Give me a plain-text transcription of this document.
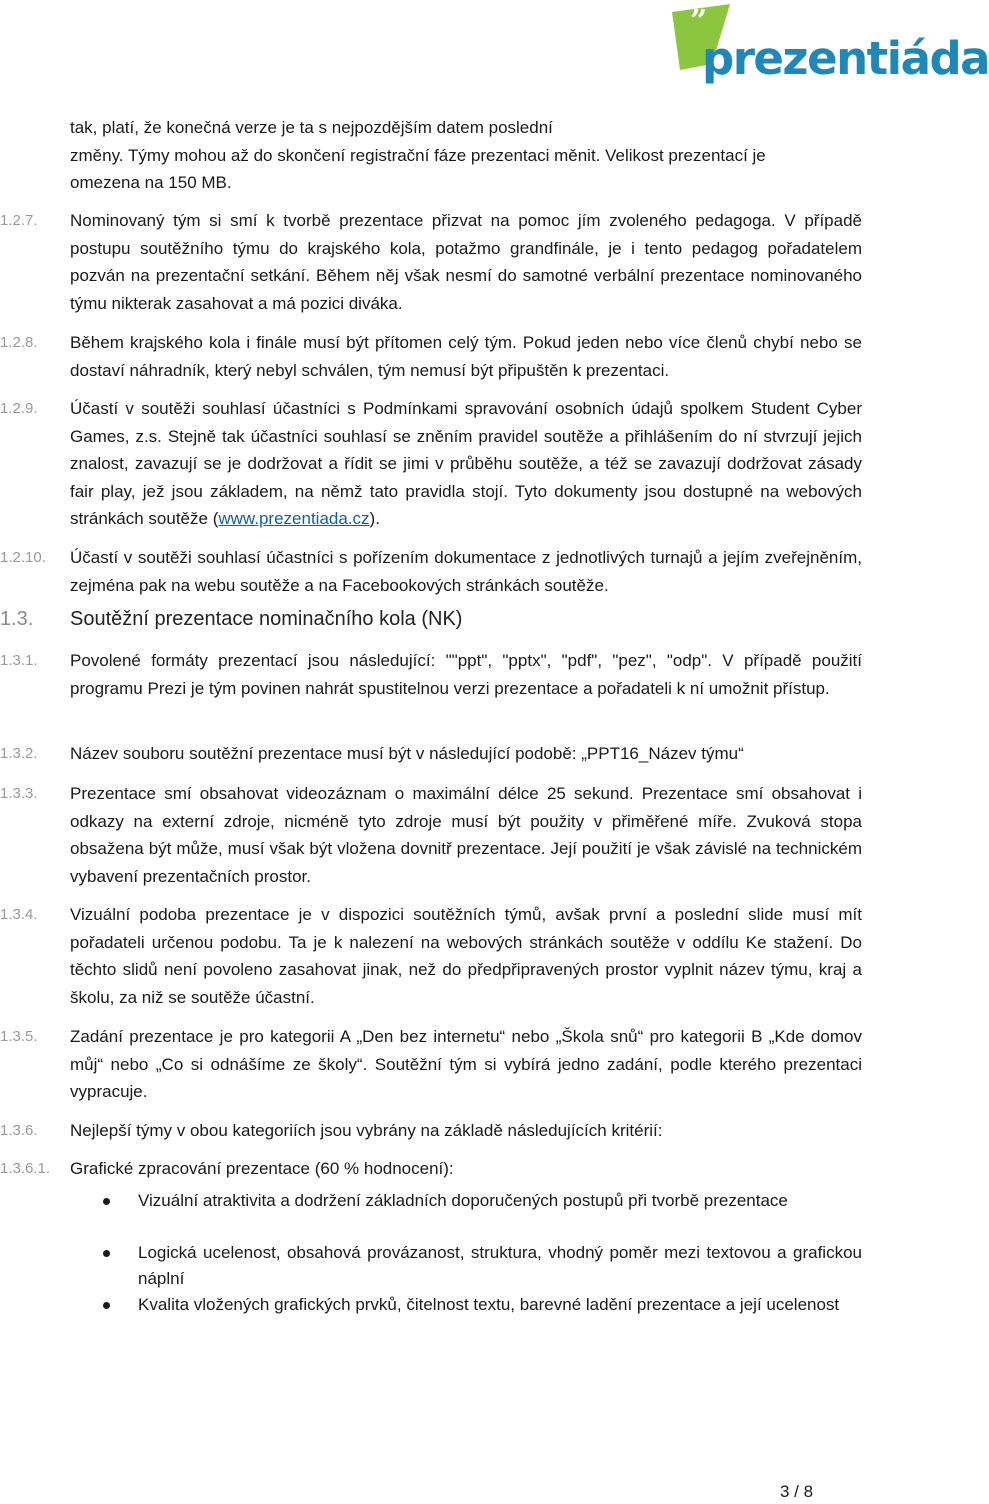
”
prezentiáda

tak, platí, že konečná verze je ta s nejpozdějším datem poslední

změny. Týmy mohou až do skončení registrační fáze prezentaci měnit. Velikost prezentací je

omezena na 150 MB.

1.2.7. Nominovaný tým si smí k tvorbě prezentace přizvat na pomoc jím zvoleného pedagoga. V případě postupu soutěžního týmu do krajského kola, potažmo grandfinále, je i tento pedagog pořadatelem pozván na prezentační setkání. Během něj však nesmí do samotné verbální prezentace nominovaného týmu nikterak zasahovat a má pozici diváka.
1.2.8. Během krajského kola i finále musí být přítomen celý tým. Pokud jeden nebo více členů chybí nebo se dostaví náhradník, který nebyl schválen, tým nemusí být připuštěn k prezentaci.
1.2.9. Účastí v soutěži souhlasí účastníci s Podmínkami spravování osobních údajů spolkem Student Cyber Games, z.s. Stejně tak účastníci souhlasí se zněním pravidel soutěže a přihlášením do ní stvrzují jejich znalost, zavazují se je dodržovat a řídit se jimi v průběhu soutěže, a též se zavazují dodržovat zásady fair play, jež jsou základem, na němž tato pravidla stojí. Tyto dokumenty jsou dostupné na webových stránkách soutěže (www.prezentiada.cz).
1.2.10. Účastí v soutěži souhlasí účastníci s pořízením dokumentace z jednotlivých turnajů a jejím zveřejněním, zejména pak na webu soutěže a na Facebookových stránkách soutěže.
1.3. Soutěžní prezentace nominačního kola (NK)
1.3.1. Povolené formáty prezentací jsou následující: ""ppt", "pptx", "pdf", "pez", "odp". V případě použití programu Prezi je tým povinen nahrát spustitelnou verzi prezentace a pořadateli k ní umožnit přístup.
1.3.2. Název souboru soutěžní prezentace musí být v následující podobě: „PPT16_Název týmu“
1.3.3. Prezentace smí obsahovat videozáznam o maximální délce 25 sekund. Prezentace smí obsahovat i odkazy na externí zdroje, nicméně tyto zdroje musí být použity v přiměřené míře. Zvuková stopa obsažena být může, musí však být vložena dovnitř prezentace. Její použití je však závislé na technickém vybavení prezentačních prostor.
1.3.4. Vizuální podoba prezentace je v dispozici soutěžních týmů, avšak první a poslední slide musí mít pořadateli určenou podobu. Ta je k nalezení na webových stránkách soutěže v oddílu Ke stažení. Do těchto slidů není povoleno zasahovat jinak, než do předpřipravených prostor vyplnit název týmu, kraj a školu, za niž se soutěže účastní.
1.3.5. Zadání prezentace je pro kategorii A „Den bez internetu“ nebo „Škola snů“ pro kategorii B „Kde domov můj“ nebo „Co si odnášíme ze školy“. Soutěžní tým si vybírá jedno zadání, podle kterého prezentaci vypracuje.
1.3.6. Nejlepší týmy v obou kategoriích jsou vybrány na základě následujících kritérií:
1.3.6.1. Grafické zpracování prezentace (60 % hodnocení):
Vizuální atraktivita a dodržení základních doporučených postupů při tvorbě prezentace
Logická ucelenost, obsahová provázanost, struktura, vhodný poměr mezi textovou a grafickou náplní
Kvalita vložených grafických prvků, čitelnost textu, barevné ladění prezentace a její ucelenost
3 / 8
